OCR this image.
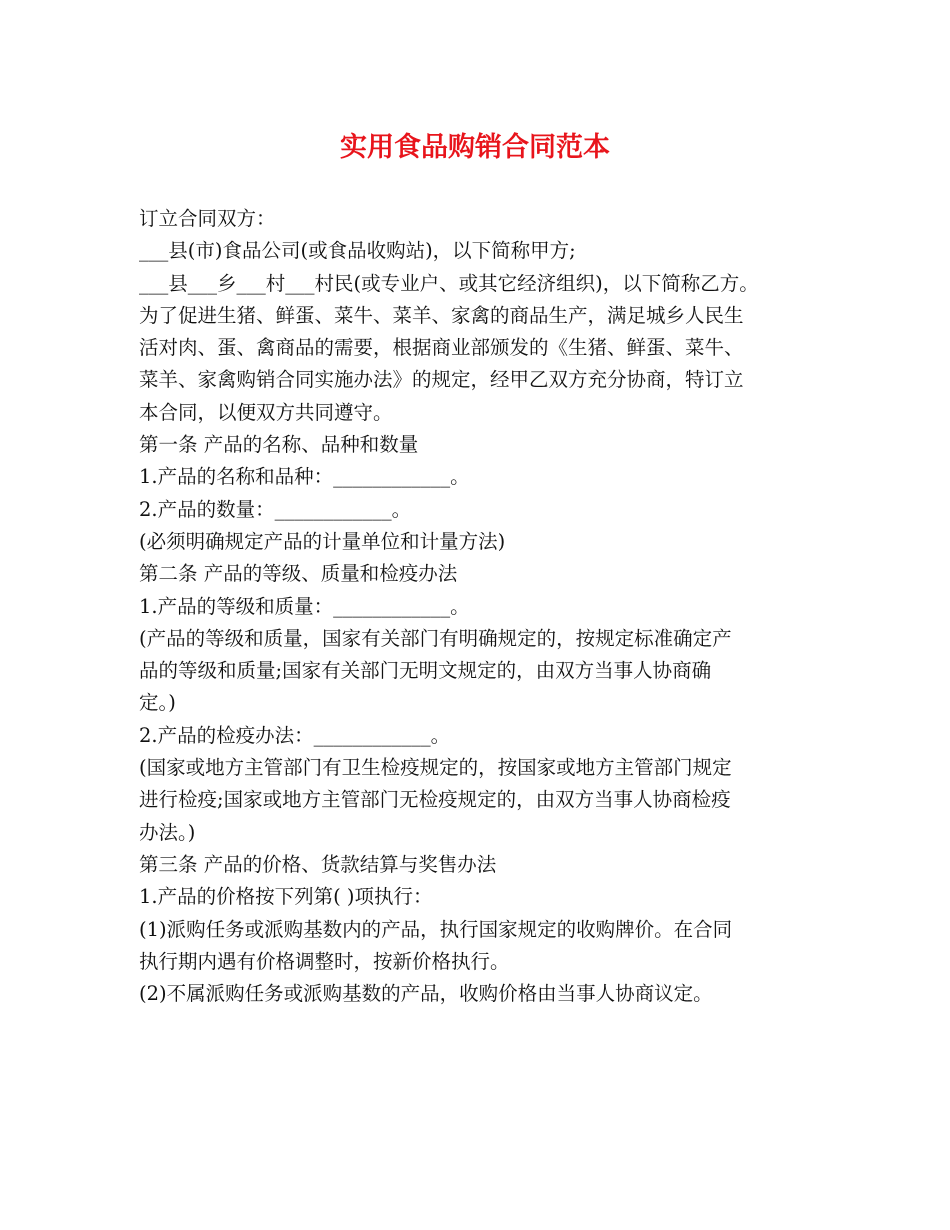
实用食品购销合同范本
订立合同双方：
___县(市)食品公司(或食品收购站)，以下简称甲方;
___县___乡___村___村民(或专业户、或其它经济组织)，以下简称乙方。
为了促进生猪、鲜蛋、菜牛、菜羊、家禽的商品生产，满足城乡人民生
活对肉、蛋、禽商品的需要，根据商业部颁发的《生猪、鲜蛋、菜牛、
菜羊、家禽购销合同实施办法》的规定，经甲乙双方充分协商，特订立
本合同，以便双方共同遵守。
第一条 产品的名称、品种和数量
1.产品的名称和品种：____________。
2.产品的数量：____________。
(必须明确规定产品的计量单位和计量方法)
第二条 产品的等级、质量和检疫办法
1.产品的等级和质量：____________。
(产品的等级和质量，国家有关部门有明确规定的，按规定标准确定产
品的等级和质量;国家有关部门无明文规定的，由双方当事人协商确
定。)
2.产品的检疫办法：____________。
(国家或地方主管部门有卫生检疫规定的，按国家或地方主管部门规定
进行检疫;国家或地方主管部门无检疫规定的，由双方当事人协商检疫
办法。)
第三条 产品的价格、货款结算与奖售办法
1.产品的价格按下列第( )项执行：
(1)派购任务或派购基数内的产品，执行国家规定的收购牌价。在合同
执行期内遇有价格调整时，按新价格执行。
(2)不属派购任务或派购基数的产品，收购价格由当事人协商议定。
